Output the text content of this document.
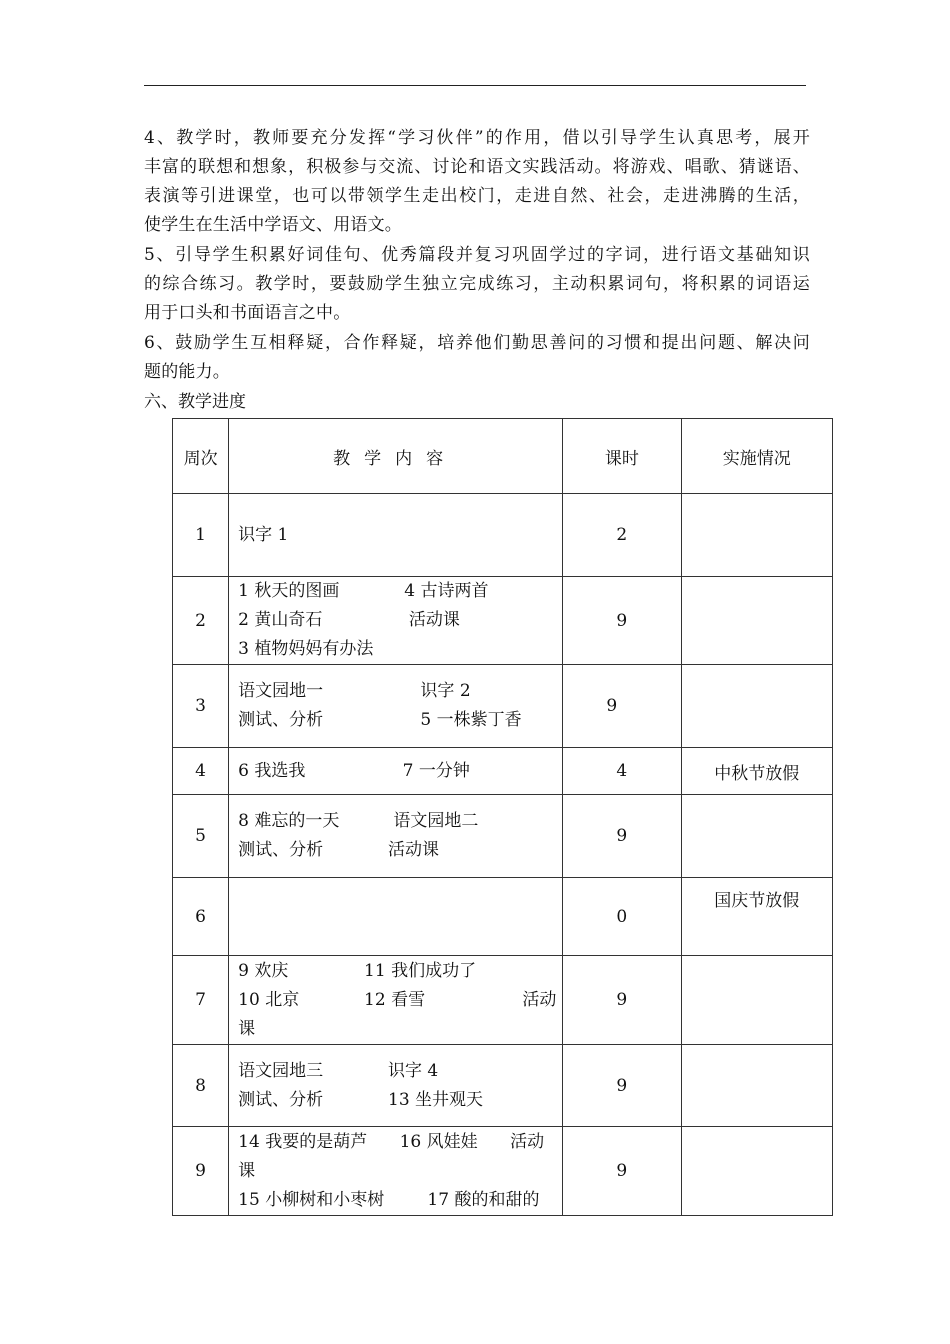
4、教学时，教师要充分发挥“学习伙伴”的作用，借以引导学生认真思考，展开
丰富的联想和想象，积极参与交流、讨论和语文实践活动。将游戏、唱歌、猜谜语、
表演等引进课堂，也可以带领学生走出校门，走进自然、社会，走进沸腾的生活，
使学生在生活中学语文、用语文。
5、引导学生积累好词佳句、优秀篇段并复习巩固学过的字词，进行语文基础知识
的综合练习。教学时，要鼓励学生独立完成练习，主动积累词句，将积累的词语运
用于口头和书面语言之中。
6、鼓励学生互相释疑，合作释疑，培养他们勤思善问的习惯和提出问题、解决问
题的能力。
六、教学进度
周次	教学内容	课时	实施情况
1	识字 1	2	
2	1 秋天的图画            4 古诗两首
2 黄山奇石                活动课
3 植物妈妈有办法	9	
3	语文园地一                  识字 2
测试、分析                  5 一株紫丁香	9	
4	6 我选我                  7 一分钟	4	中秋节放假
5	8 难忘的一天          语文园地二
测试、分析            活动课	9	
6		0	国庆节放假
7	9 欢庆              11 我们成功了
10 北京            12 看雪                  活动
课	9	
8	语文园地三            识字 4
测试、分析            13 坐井观天	9	
9	14 我要的是葫芦      16 风娃娃      活动
课
15 小柳树和小枣树        17 酸的和甜的	9	
